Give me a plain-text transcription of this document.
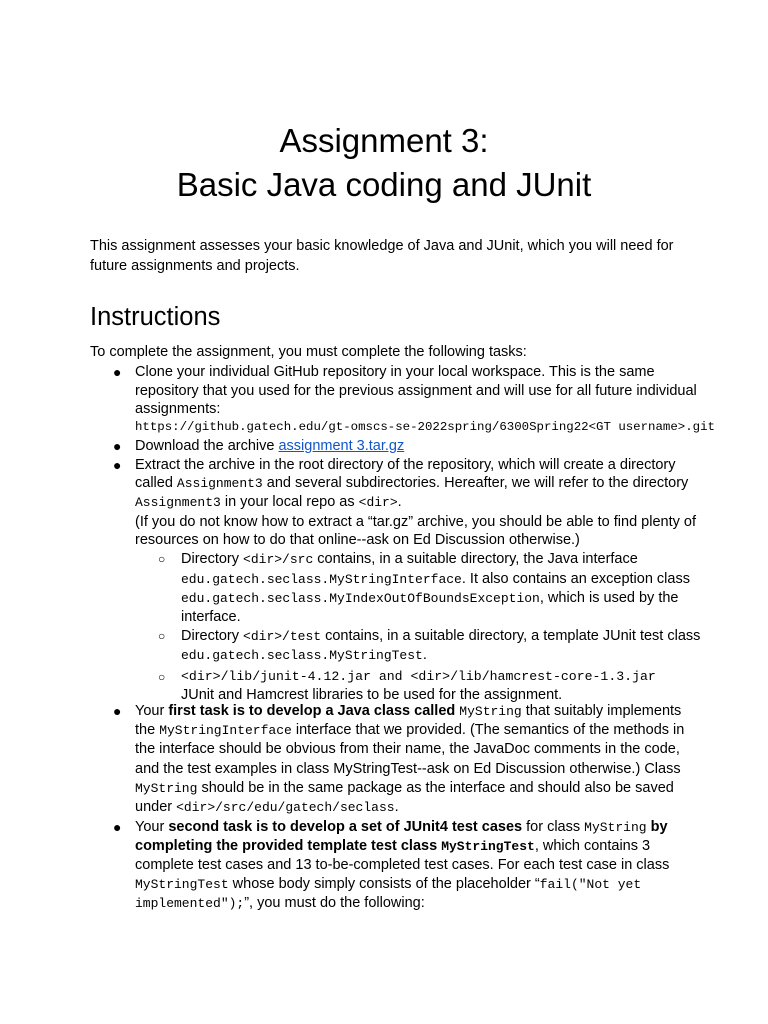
Assignment 3:
Basic Java coding and JUnit
This assignment assesses your basic knowledge of Java and JUnit, which you will need for
future assignments and projects.
Instructions
To complete the assignment, you must complete the following tasks:
● Clone your individual GitHub repository in your local workspace. This is the same
repository that you used for the previous assignment and will use for all future individual
assignments:
https://github.gatech.edu/gt-omscs-se-2022spring/6300Spring22<GT username>.git
● Download the archive assignment 3.tar.gz
● Extract the archive in the root directory of the repository, which will create a directory
called Assignment3 and several subdirectories. Hereafter, we will refer to the directory
Assignment3 in your local repo as <dir>.
(If you do not know how to extract a “tar.gz” archive, you should be able to find plenty of
resources on how to do that online--ask on Ed Discussion otherwise.)
○ Directory <dir>/src contains, in a suitable directory, the Java interface
edu.gatech.seclass.MyStringInterface. It also contains an exception class
edu.gatech.seclass.MyIndexOutOfBoundsException, which is used by the
interface.
○ Directory <dir>/test contains, in a suitable directory, a template JUnit test class
edu.gatech.seclass.MyStringTest.
○ <dir>/lib/junit-4.12.jar and <dir>/lib/hamcrest-core-1.3.jar
JUnit and Hamcrest libraries to be used for the assignment.
● Your first task is to develop a Java class called MyString that suitably implements
the MyStringInterface interface that we provided. (The semantics of the methods in
the interface should be obvious from their name, the JavaDoc comments in the code,
and the test examples in class MyStringTest--ask on Ed Discussion otherwise.) Class
MyString should be in the same package as the interface and should also be saved
under <dir>/src/edu/gatech/seclass.
● Your second task is to develop a set of JUnit4 test cases for class MyString by
completing the provided template test class MyStringTest, which contains 3
complete test cases and 13 to-be-completed test cases. For each test case in class
MyStringTest whose body simply consists of the placeholder “fail("Not yet
implemented");”, you must do the following:
